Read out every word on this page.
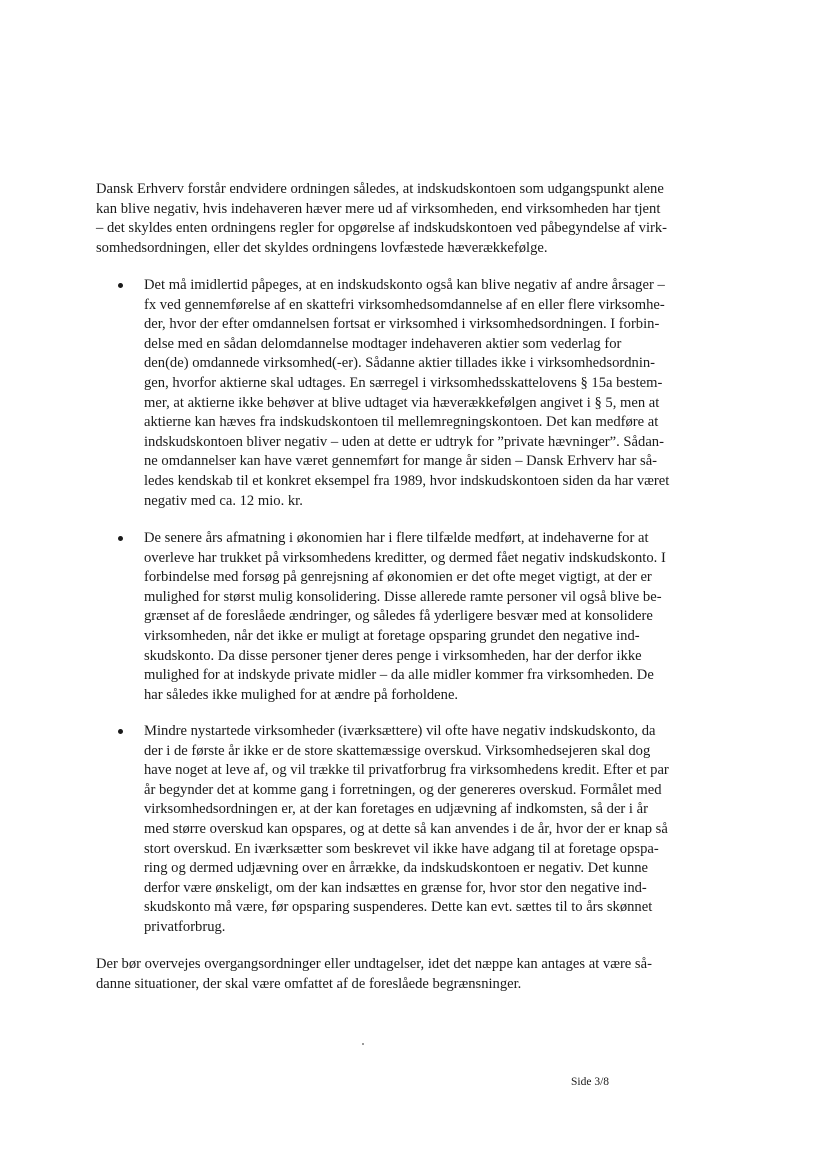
Dansk Erhverv forstår endvidere ordningen således, at indskudskontoen som udgangspunkt alene
kan blive negativ, hvis indehaveren hæver mere ud af virksomheden, end virksomheden har tjent
– det skyldes enten ordningens regler for opgørelse af indskudskontoen ved påbegyndelse af virk-
somhedsordningen, eller det skyldes ordningens lovfæstede hæverækkefølge.
Det må imidlertid påpeges, at en indskudskonto også kan blive negativ af andre årsager –
fx ved gennemførelse af en skattefri virksomhedsomdannelse af en eller flere virksomhe-
der, hvor der efter omdannelsen fortsat er virksomhed i virksomhedsordningen. I forbin-
delse med en sådan delomdannelse modtager indehaveren aktier som vederlag for
den(de) omdannede virksomhed(-er). Sådanne aktier tillades ikke i virksomhedsordnin-
gen, hvorfor aktierne skal udtages. En særregel i virksomhedsskattelovens § 15a bestem-
mer, at aktierne ikke behøver at blive udtaget via hæverækkefølgen angivet i § 5, men at
aktierne kan hæves fra indskudskontoen til mellemregningskontoen. Det kan medføre at
indskudskontoen bliver negativ – uden at dette er udtryk for ”private hævninger”. Sådan-
ne omdannelser kan have været gennemført for mange år siden – Dansk Erhverv har så-
ledes kendskab til et konkret eksempel fra 1989, hvor indskudskontoen siden da har været
negativ med ca. 12 mio. kr.
De senere års afmatning i økonomien har i flere tilfælde medført, at indehaverne for at
overleve har trukket på virksomhedens kreditter, og dermed fået negativ indskudskonto. I
forbindelse med forsøg på genrejsning af økonomien er det ofte meget vigtigt, at der er
mulighed for størst mulig konsolidering. Disse allerede ramte personer vil også blive be-
grænset af de foreslåede ændringer, og således få yderligere besvær med at konsolidere
virksomheden, når det ikke er muligt at foretage opsparing grundet den negative ind-
skudskonto. Da disse personer tjener deres penge i virksomheden, har der derfor ikke
mulighed for at indskyde private midler – da alle midler kommer fra virksomheden. De
har således ikke mulighed for at ændre på forholdene.
Mindre nystartede virksomheder (iværksættere) vil ofte have negativ indskudskonto, da
der i de første år ikke er de store skattemæssige overskud. Virksomhedsejeren skal dog
have noget at leve af, og vil trække til privatforbrug fra virksomhedens kredit. Efter et par
år begynder det at komme gang i forretningen, og der genereres overskud. Formålet med
virksomhedsordningen er, at der kan foretages en udjævning af indkomsten, så der i år
med større overskud kan opspares, og at dette så kan anvendes i de år, hvor der er knap så
stort overskud. En iværksætter som beskrevet vil ikke have adgang til at foretage opspa-
ring og dermed udjævning over en årrække, da indskudskontoen er negativ. Det kunne
derfor være ønskeligt, om der kan indsættes en grænse for, hvor stor den negative ind-
skudskonto må være, før opsparing suspenderes. Dette kan evt. sættes til to års skønnet
privatforbrug.
Der bør overvejes overgangsordninger eller undtagelser, idet det næppe kan antages at være så-
danne situationer, der skal være omfattet af de foreslåede begrænsninger.
Side 3/8
